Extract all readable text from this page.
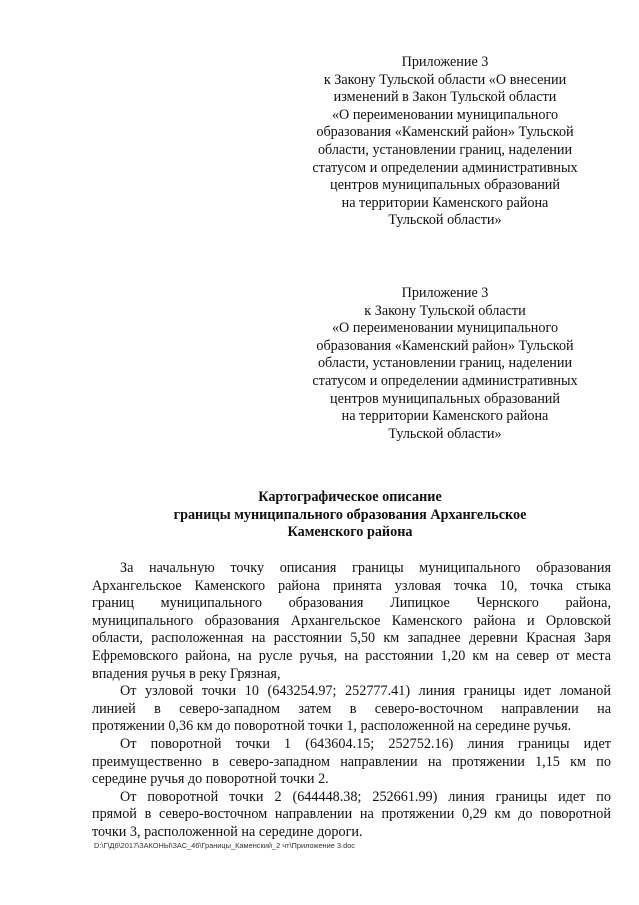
Приложение 3
к Закону Тульской области «О внесении
изменений в Закон Тульской области
«О переименовании муниципального
образования «Каменский район» Тульской
области, установлении границ, наделении
статусом и определении административных
центров муниципальных образований
на территории Каменского района
Тульской области»
Приложение 3
к Закону Тульской области
«О переименовании муниципального
образования «Каменский район» Тульской
области, установлении границ, наделении
статусом и определении административных
центров муниципальных образований
на территории Каменского района
Тульской области»
Картографическое описание
границы муниципального образования Архангельское
Каменского района
За начальную точку описания границы муниципального образования
Архангельское Каменского района принята узловая точка 10, точка стыка
границ муниципального образования Липицкое Чернского района,
муниципального образования Архангельское Каменского района и Орловской
области, расположенная на расстоянии 5,50 км западнее деревни Красная Заря
Ефремовского района, на русле ручья, на расстоянии 1,20 км на север от места
впадения ручья в реку Грязная,
От узловой точки 10 (643254.97; 252777.41) линия границы идет ломаной
линией в северо-западном затем в северо-восточном направлении на
протяжении 0,36 км до поворотной точки 1, расположенной на середине ручья.
От поворотной точки 1 (643604.15; 252752.16) линия границы идет
преимущественно в северо-западном направлении на протяжении 1,15 км по
середине ручья до поворотной точки 2.
От поворотной точки 2 (644448.38; 252661.99) линия границы идет по
прямой в северо-восточном направлении на протяжении 0,29 км до поворотной
точки 3, расположенной на середине дороги.
D:\Г\Д6\2017\ЗАКОНЫ\ЗАС_46\Границы_Каменский_2 чт\Приложение 3.doc
